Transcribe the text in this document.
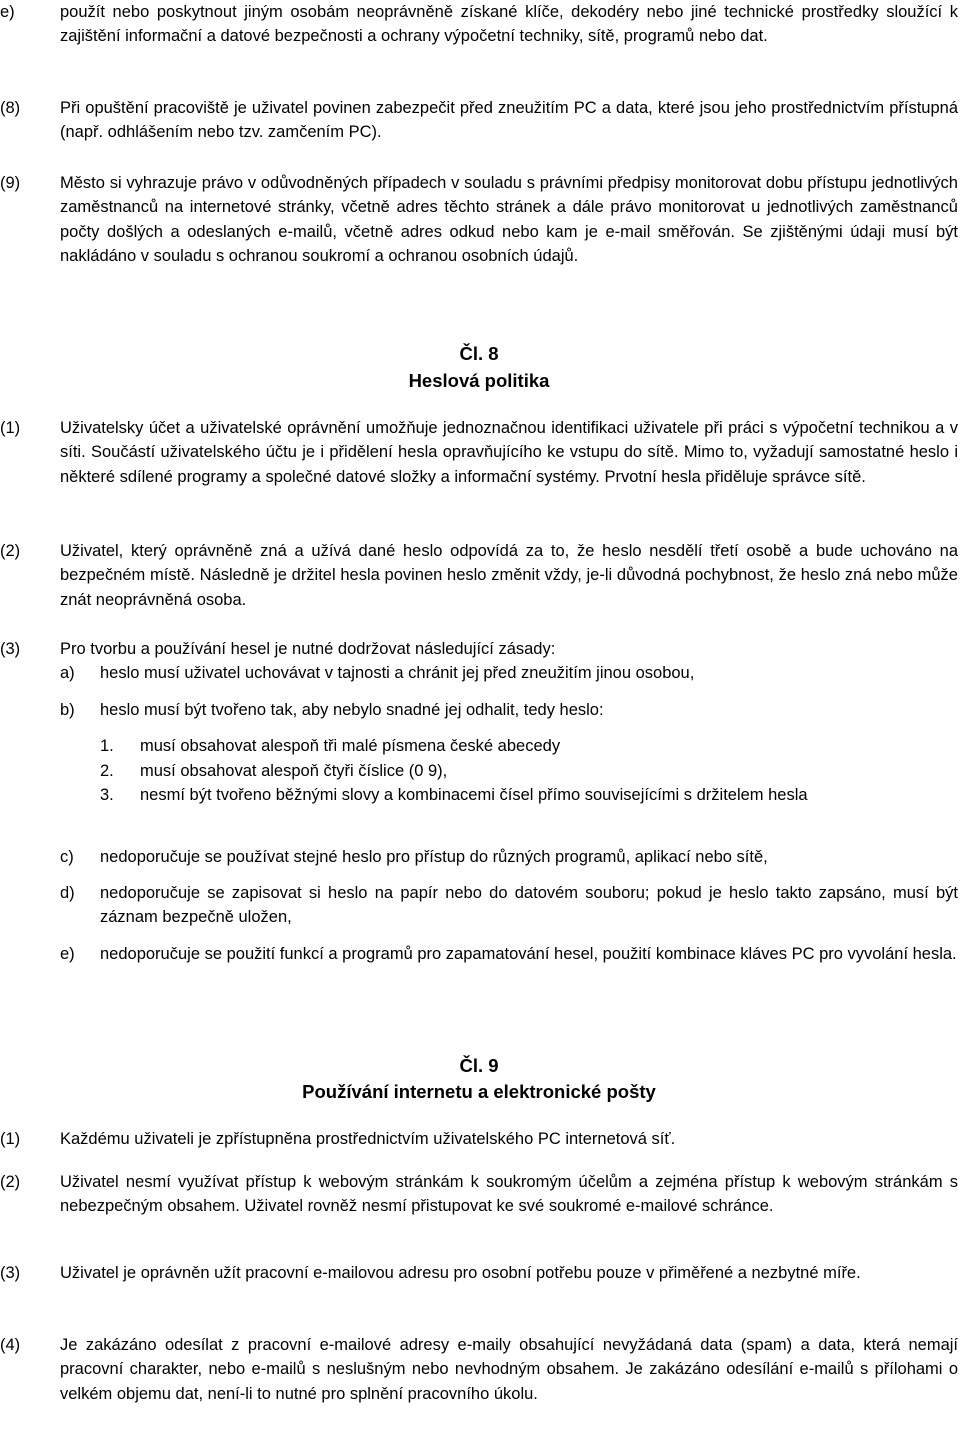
e)	použít nebo poskytnout jiným osobám neoprávněně získané klíče, dekodéry nebo jiné technické prostředky sloužící k zajištění informační a datové bezpečnosti a ochrany výpočetní techniky, sítě, programů nebo dat.
(8)	Při opuštění pracoviště je uživatel povinen zabezpečit před zneužitím PC a data, které jsou jeho prostřednictvím přístupná (např. odhlášením nebo tzv. zamčením PC).
(9)	Město si vyhrazuje právo v odůvodněných případech v souladu s právními předpisy monitorovat dobu přístupu jednotlivých zaměstnanců na internetové stránky, včetně adres těchto stránek a dále právo monitorovat u jednotlivých zaměstnanců počty došlých a odeslaných e-mailů, včetně adres odkud nebo kam je e-mail směřován. Se zjištěnými údaji musí být nakládáno v souladu s ochranou soukromí a ochranou osobních údajů.
Čl. 8
Heslová politika
(1)	Uživatelsky účet a uživatelské oprávnění umožňuje jednoznačnou identifikaci uživatele při práci s výpočetní technikou a v síti. Součástí uživatelského účtu je i přidělení hesla opravňujícího ke vstupu do sítě. Mimo to, vyžadují samostatné heslo i některé sdílené programy a společné datové složky a informační systémy. Prvotní hesla přiděluje správce sítě.
(2)	Uživatel, který oprávněně zná a užívá dané heslo odpovídá za to, že heslo nesdělí třetí osobě a bude uchováno na bezpečném místě. Následně je držitel hesla povinen heslo změnit vždy, je-li důvodná pochybnost, že heslo zná nebo může znát neoprávněná osoba.
(3)	Pro tvorbu a používání hesel je nutné dodržovat následující zásady:
a)	heslo musí uživatel uchovávat v tajnosti a chránit jej před zneužitím jinou osobou,
b)	heslo musí být tvořeno tak, aby nebylo snadné jej odhalit, tedy heslo:
1.	musí obsahovat alespoň tři malé písmena české abecedy
2.	musí obsahovat alespoň čtyři číslice (0 9),
3.	nesmí být tvořeno běžnými slovy a kombinacemi čísel přímo souvisejícími s držitelem hesla
c)	nedoporučuje se používat stejné heslo pro přístup do různých programů, aplikací nebo sítě,
d)	nedoporučuje se zapisovat si heslo na papír nebo do datovém souboru; pokud je heslo takto zapsáno, musí být záznam bezpečně uložen,
e)	nedoporučuje se použití funkcí a programů pro zapamatování hesel, použití kombinace kláves PC pro vyvolání hesla.
Čl. 9
Používání internetu a elektronické pošty
(1)	Každému uživateli je zpřístupněna prostřednictvím uživatelského PC internetová síť.
(2)	Uživatel nesmí využívat přístup k webovým stránkám k soukromým účelům a zejména přístup k webovým stránkám s nebezpečným obsahem. Uživatel rovněž nesmí přistupovat ke své soukromé e-mailové schránce.
(3)	Uživatel je oprávněn užít pracovní e-mailovou adresu pro osobní potřebu pouze v přiměřené a nezbytné míře.
(4)	Je zakázáno odesílat z pracovní e-mailové adresy e-maily obsahující nevyžádaná data (spam) a data, která nemají pracovní charakter, nebo e-mailů s neslušným nebo nevhodným obsahem. Je zakázáno odesílání e-mailů s přílohami o velkém objemu dat, není-li to nutné pro splnění pracovního úkolu.
